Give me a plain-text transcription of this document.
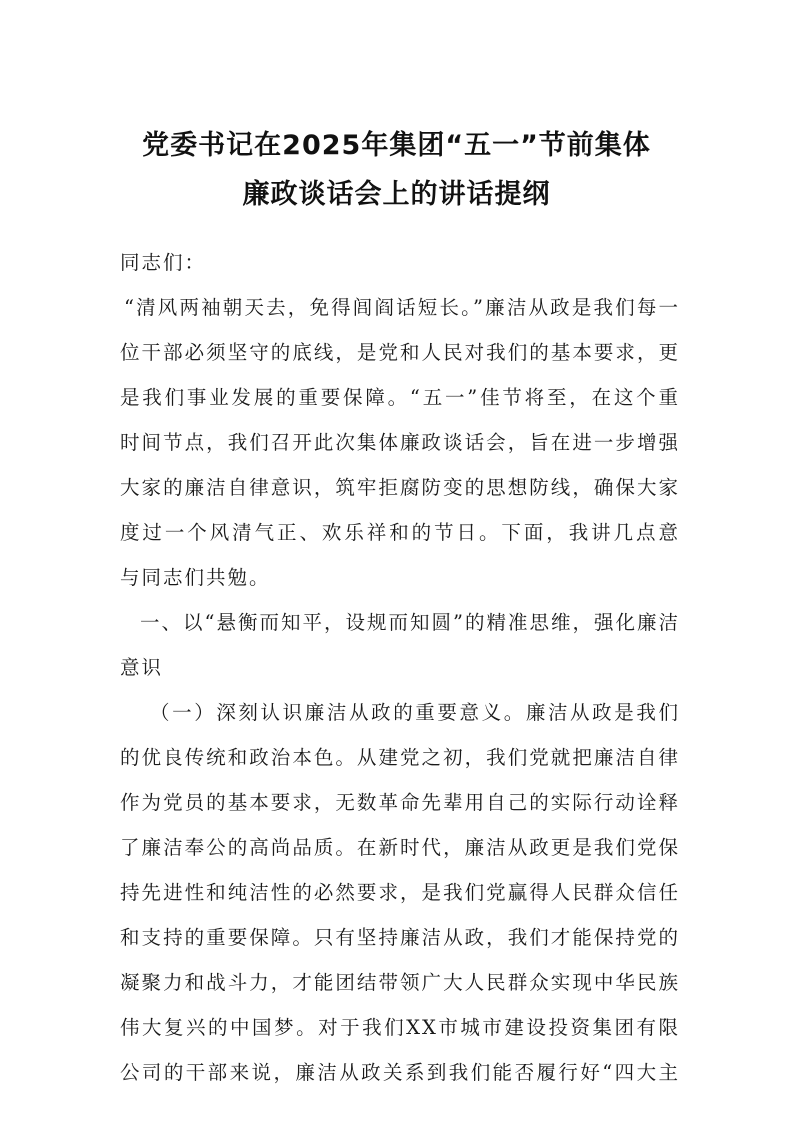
党委书记在2025年集团“五一”节前集体
廉政谈话会上的讲话提纲
同志们：
“清风两袖朝天去，免得闾阎话短长。”廉洁从政是我们每一
位干部必须坚守的底线，是党和人民对我们的基本要求，更
是我们事业发展的重要保障。“五一”佳节将至，在这个重
时间节点，我们召开此次集体廉政谈话会，旨在进一步增强
大家的廉洁自律意识，筑牢拒腐防变的思想防线，确保大家
度过一个风清气正、欢乐祥和的节日。下面，我讲几点意
与同志们共勉。
一、以“悬衡而知平，设规而知圆”的精准思维，强化廉洁
意识
（一）深刻认识廉洁从政的重要意义。廉洁从政是我们
的优良传统和政治本色。从建党之初，我们党就把廉洁自律
作为党员的基本要求，无数革命先辈用自己的实际行动诠释
了廉洁奉公的高尚品质。在新时代，廉洁从政更是我们党保
持先进性和纯洁性的必然要求，是我们党赢得人民群众信任
和支持的重要保障。只有坚持廉洁从政，我们才能保持党的
凝聚力和战斗力，才能团结带领广大人民群众实现中华民族
伟大复兴的中国梦。对于我们XX市城市建设投资集团有限
公司的干部来说，廉洁从政关系到我们能否履行好“四大主
